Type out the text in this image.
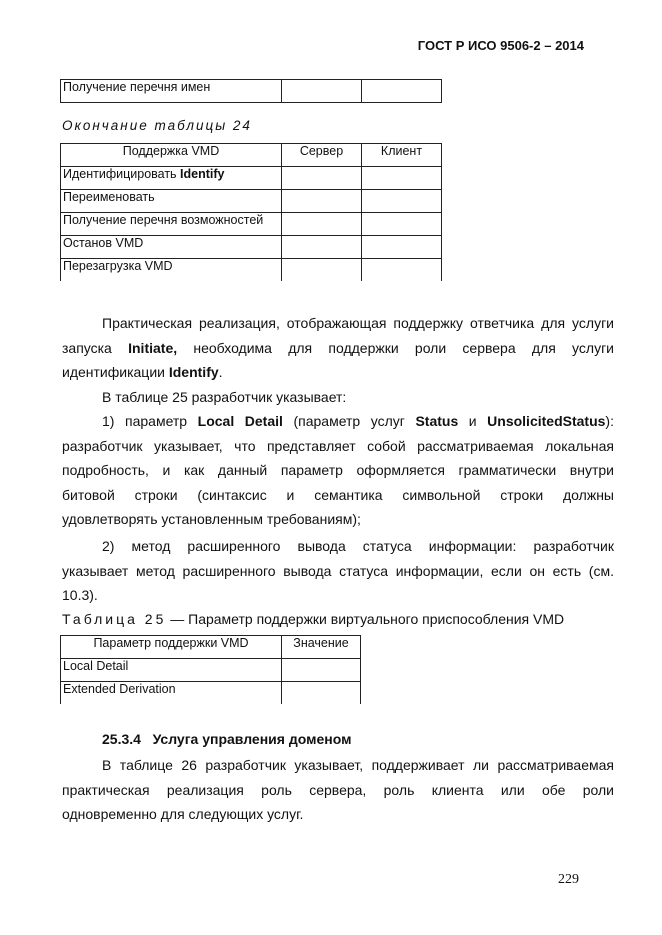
ГОСТ Р ИСО 9506-2 – 2014
Получение перечня имен		
Окончание таблицы 24
Поддержка VMD	Сервер	Клиент
Идентифицировать Identify		
Переименовать		
Получение перечня возможностей		
Останов VMD		
Перезагрузка VMD		
Практическая реализация, отображающая поддержку ответчика для услуги
запуска Initiate, необходима для поддержки роли сервера для услуги
идентификации Identify.
В таблице 25 разработчик указывает:
1) параметр Local Detail (параметр услуг Status и UnsolicitedStatus):
разработчик указывает, что представляет собой рассматриваемая локальная
подробность, и как данный параметр оформляется грамматически внутри
битовой строки (синтаксис и семантика символьной строки должны
удовлетворять установленным требованиям);
2) метод расширенного вывода статуса информации: разработчик
указывает метод расширенного вывода статуса информации, если он есть (см.
10.3).
Таблица 25 — Параметр поддержки виртуального приспособления VMD
Параметр поддержки VMD	Значение
Local Detail	
Extended Derivation	
25.3.4 Услуга управления доменом
В таблице 26 разработчик указывает, поддерживает ли рассматриваемая
практическая реализация роль сервера, роль клиента или обе роли
одновременно для следующих услуг.
229
